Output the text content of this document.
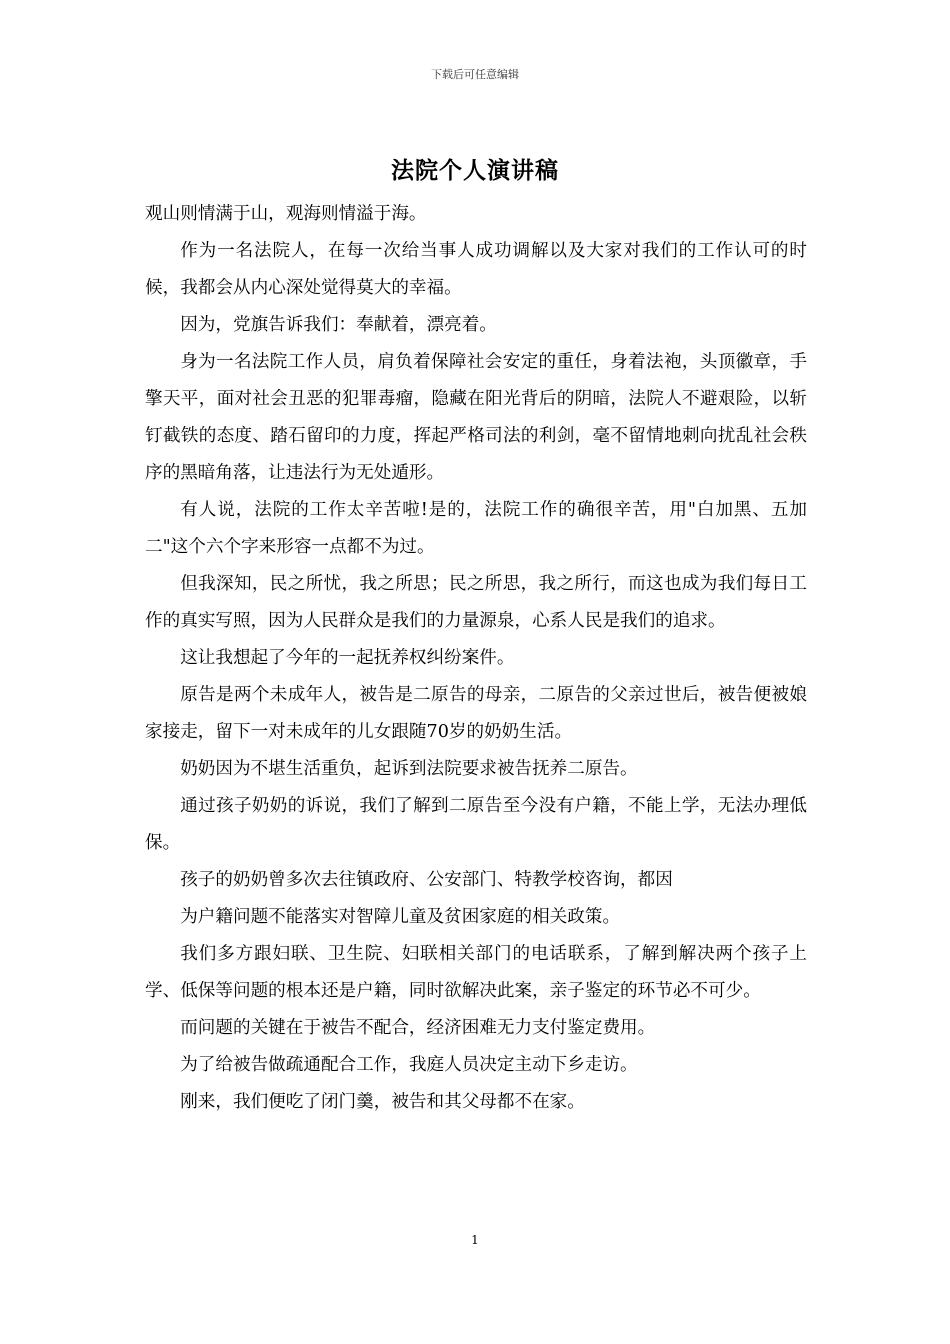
下载后可任意编辑
法院个人演讲稿

观山则情满于山，观海则情溢于海。

作为一名法院人，在每一次给当事人成功调解以及大家对我们的工作认可的时候，我都会从内心深处觉得莫大的幸福。

因为，党旗告诉我们：奉献着，漂亮着。

身为一名法院工作人员，肩负着保障社会安定的重任，身着法袍，头顶徽章，手擎天平，面对社会丑恶的犯罪毒瘤，隐藏在阳光背后的阴暗，法院人不避艰险，以斩钉截铁的态度、踏石留印的力度，挥起严格司法的利剑，毫不留情地刺向扰乱社会秩序的黑暗角落，让违法行为无处遁形。

有人说，法院的工作太辛苦啦!是的，法院工作的确很辛苦，用"白加黑、五加二"这个六个字来形容一点都不为过。

但我深知，民之所忧，我之所思；民之所思，我之所行，而这也成为我们每日工作的真实写照，因为人民群众是我们的力量源泉，心系人民是我们的追求。

这让我想起了今年的一起抚养权纠纷案件。

原告是两个未成年人，被告是二原告的母亲，二原告的父亲过世后，被告便被娘家接走，留下一对未成年的儿女跟随70岁的奶奶生活。

奶奶因为不堪生活重负，起诉到法院要求被告抚养二原告。

通过孩子奶奶的诉说，我们了解到二原告至今没有户籍，不能上学，无法办理低保。

孩子的奶奶曾多次去往镇政府、公安部门、特教学校咨询，都因

为户籍问题不能落实对智障儿童及贫困家庭的相关政策。

我们多方跟妇联、卫生院、妇联相关部门的电话联系，了解到解决两个孩子上学、低保等问题的根本还是户籍，同时欲解决此案，亲子鉴定的环节必不可少。

而问题的关键在于被告不配合，经济困难无力支付鉴定费用。

为了给被告做疏通配合工作，我庭人员决定主动下乡走访。

刚来，我们便吃了闭门羹，被告和其父母都不在家。

1
